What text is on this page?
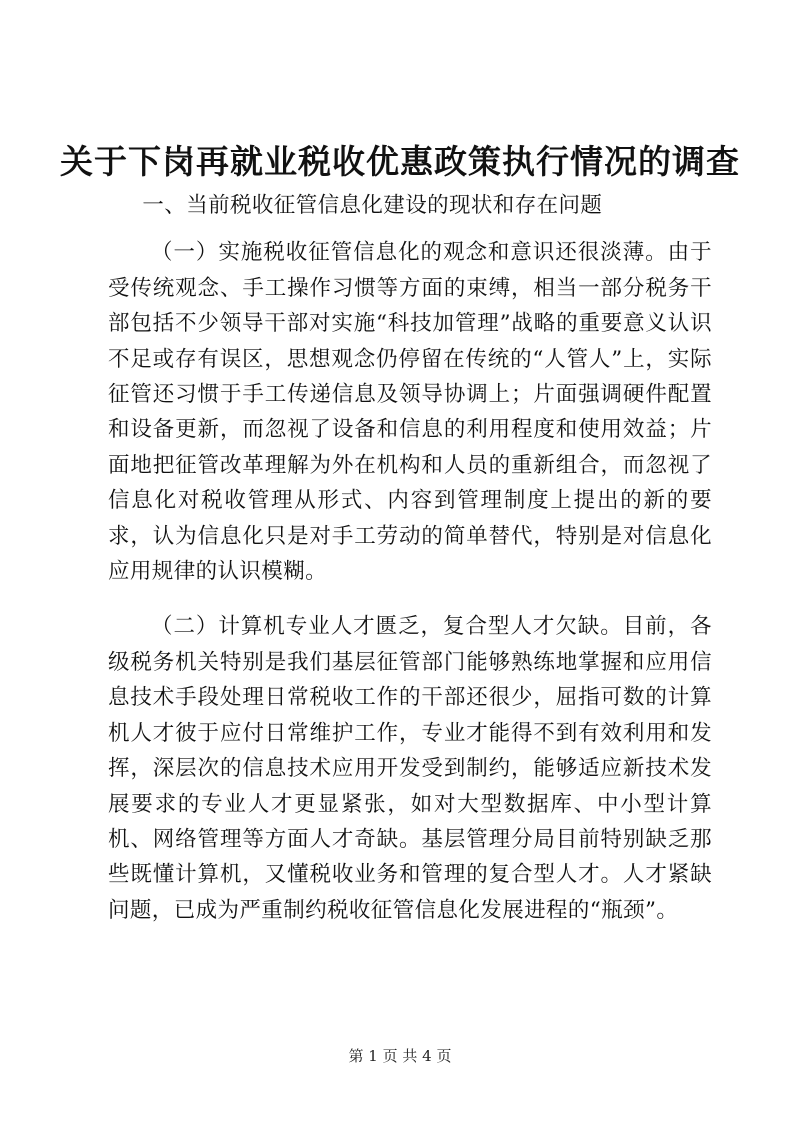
关于下岗再就业税收优惠政策执行情况的调查

一、当前税收征管信息化建设的现状和存在问题

（一）实施税收征管信息化的观念和意识还很淡薄。由于受传统观念、手工操作习惯等方面的束缚，相当一部分税务干部包括不少领导干部对实施“科技加管理”战略的重要意义认识不足或存有误区，思想观念仍停留在传统的“人管人”上，实际征管还习惯于手工传递信息及领导协调上；片面强调硬件配置和设备更新，而忽视了设备和信息的利用程度和使用效益；片面地把征管改革理解为外在机构和人员的重新组合，而忽视了信息化对税收管理从形式、内容到管理制度上提出的新的要求，认为信息化只是对手工劳动的简单替代，特别是对信息化应用规律的认识模糊。

（二）计算机专业人才匮乏，复合型人才欠缺。目前，各级税务机关特别是我们基层征管部门能够熟练地掌握和应用信息技术手段处理日常税收工作的干部还很少，屈指可数的计算机人才彼于应付日常维护工作，专业才能得不到有效利用和发挥，深层次的信息技术应用开发受到制约，能够适应新技术发展要求的专业人才更显紧张，如对大型数据库、中小型计算机、网络管理等方面人才奇缺。基层管理分局目前特别缺乏那些既懂计算机，又懂税收业务和管理的复合型人才。人才紧缺问题，已成为严重制约税收征管信息化发展进程的“瓶颈”。

第 1 页 共 4 页
